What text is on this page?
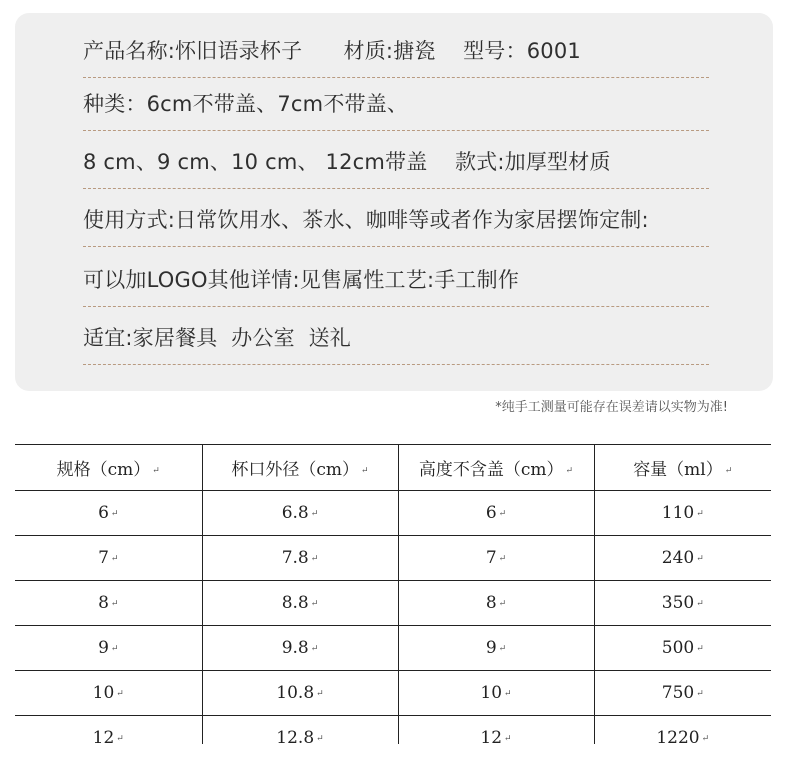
产品名称:怀旧语录杯子      材质:搪瓷    型号：6001
种类：6cm不带盖、7cm不带盖、
8 cm、9 cm、10 cm、 12cm带盖    款式:加厚型材质
使用方式:日常饮用水、茶水、咖啡等或者作为家居摆饰定制:
可以加LOGO其他详情:见售属性工艺:手工制作
适宜:家居餐具  办公室  送礼
*纯手工测量可能存在误差请以实物为准!
规格（cm） ↵	杯口外径（cm） ↵	高度不含盖（cm） ↵	容量（ml） ↵
6 ↵	6.8 ↵	6 ↵	110 ↵
7 ↵	7.8 ↵	7 ↵	240 ↵
8 ↵	8.8 ↵	8 ↵	350 ↵
9 ↵	9.8 ↵	9 ↵	500 ↵
10 ↵	10.8 ↵	10 ↵	750 ↵
12 ↵	12.8 ↵	12 ↵	1220 ↵
